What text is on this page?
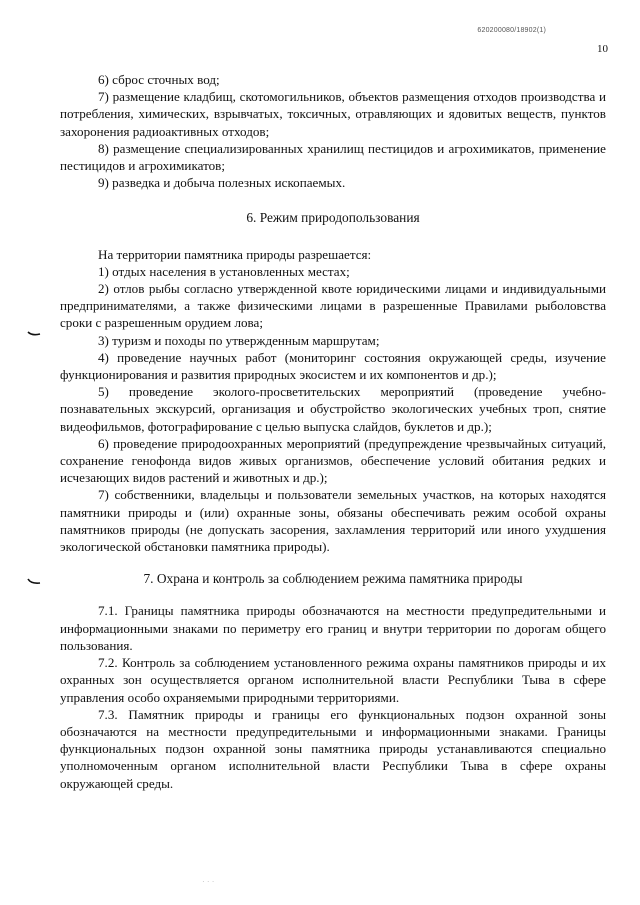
620200080/18902(1)
10
· · ·

6) сброс сточных вод;

7) размещение кладбищ, скотомогильников, объектов размещения отходов производства и потребления, химических, взрывчатых, токсичных, отравляющих и ядовитых веществ, пунктов захоронения радиоактивных отходов;

8) размещение специализированных хранилищ пестицидов и агрохимикатов, применение пестицидов и агрохимикатов;

9) разведка и добыча полезных ископаемых.

6. Режим природопользования

На территории памятника природы разрешается:

1) отдых населения в установленных местах;

2) отлов рыбы согласно утвержденной квоте юридическими лицами и индивидуальными предпринимателями, а также физическими лицами в разрешенные Правилами рыболовства сроки с разрешенным орудием лова;

3) туризм и походы по утвержденным маршрутам;

4) проведение научных работ (мониторинг состояния окружающей среды, изучение функционирования и развития природных экосистем и их компонентов и др.);

5) проведение эколого-просветительских мероприятий (проведение учебно-познавательных экскурсий, организация и обустройство экологических учебных троп, снятие видеофильмов, фотографирование с целью выпуска слайдов, буклетов и др.);

6) проведение природоохранных мероприятий (предупреждение чрезвычайных ситуаций, сохранение генофонда видов живых организмов, обеспечение условий обитания редких и исчезающих видов растений и животных и др.);

7) собственники, владельцы и пользователи земельных участков, на которых находятся памятники природы и (или) охранные зоны, обязаны обеспечивать режим особой охраны памятников природы (не допускать засорения, захламления территорий или иного ухудшения экологической обстановки памятника природы).

7. Охрана и контроль за соблюдением режима памятника природы

7.1. Границы памятника природы обозначаются на местности предупредительными и информационными знаками по периметру его границ и внутри территории по дорогам общего пользования.

7.2. Контроль за соблюдением установленного режима охраны памятников природы и их охранных зон осуществляется органом исполнительной власти Республики Тыва в сфере управления особо охраняемыми природными территориями.

7.3. Памятник природы и границы его функциональных подзон охранной зоны обозначаются на местности предупредительными и информационными знаками. Границы функциональных подзон охранной зоны памятника природы устанавливаются специально уполномоченным органом исполнительной власти Республики Тыва в сфере охраны окружающей среды.
